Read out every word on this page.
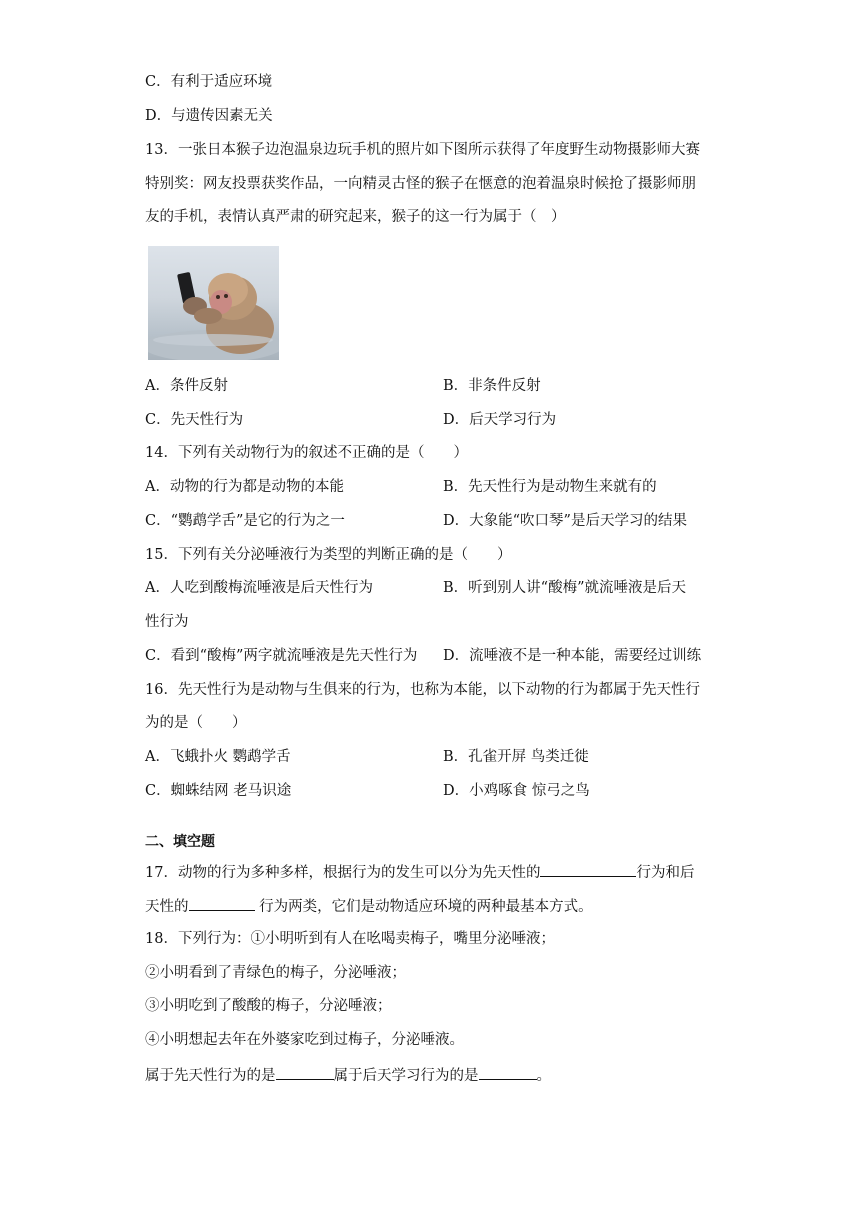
C．有利于适应环境

D．与遗传因素无关

13．一张日本猴子边泡温泉边玩手机的照片如下图所示获得了年度野生动物摄影师大赛

特别奖：网友投票获奖作品，一向精灵古怪的猴子在惬意的泡着温泉时候抢了摄影师朋

友的手机，表情认真严肃的研究起来，猴子的这一行为属于（　）

A．条件反射	B．非条件反射

C．先天性行为	D．后天学习行为

14．下列有关动物行为的叙述不正确的是（　　）

A．动物的行为都是动物的本能	B．先天性行为是动物生来就有的

C．“鹦鹉学舌”是它的行为之一	D．大象能“吹口琴”是后天学习的结果

15．下列有关分泌唾液行为类型的判断正确的是（　　）

A．人吃到酸梅流唾液是后天性行为	B．听到别人讲“酸梅”就流唾液是后天

性行为

C．看到“酸梅”两字就流唾液是先天性行为 D．流唾液不是一种本能，需要经过训练

16．先天性行为是动物与生俱来的行为，也称为本能，以下动物的行为都属于先天性行

为的是（　　）

A．飞蛾扑火 鹦鹉学舌	B．孔雀开屏 鸟类迁徙

C．蜘蛛结网 老马识途	D．小鸡啄食 惊弓之鸟

二、填空题

17．动物的行为多种多样，根据行为的发生可以分为先天性的	行为和后

天性的	行为两类，它们是动物适应环境的两种最基本方式。

18．下列行为：①小明听到有人在吆喝卖梅子，嘴里分泌唾液；

②小明看到了青绿色的梅子，分泌唾液；

③小明吃到了酸酸的梅子，分泌唾液；

④小明想起去年在外婆家吃到过梅子，分泌唾液。

属于先天性行为的是	属于后天学习行为的是	。
